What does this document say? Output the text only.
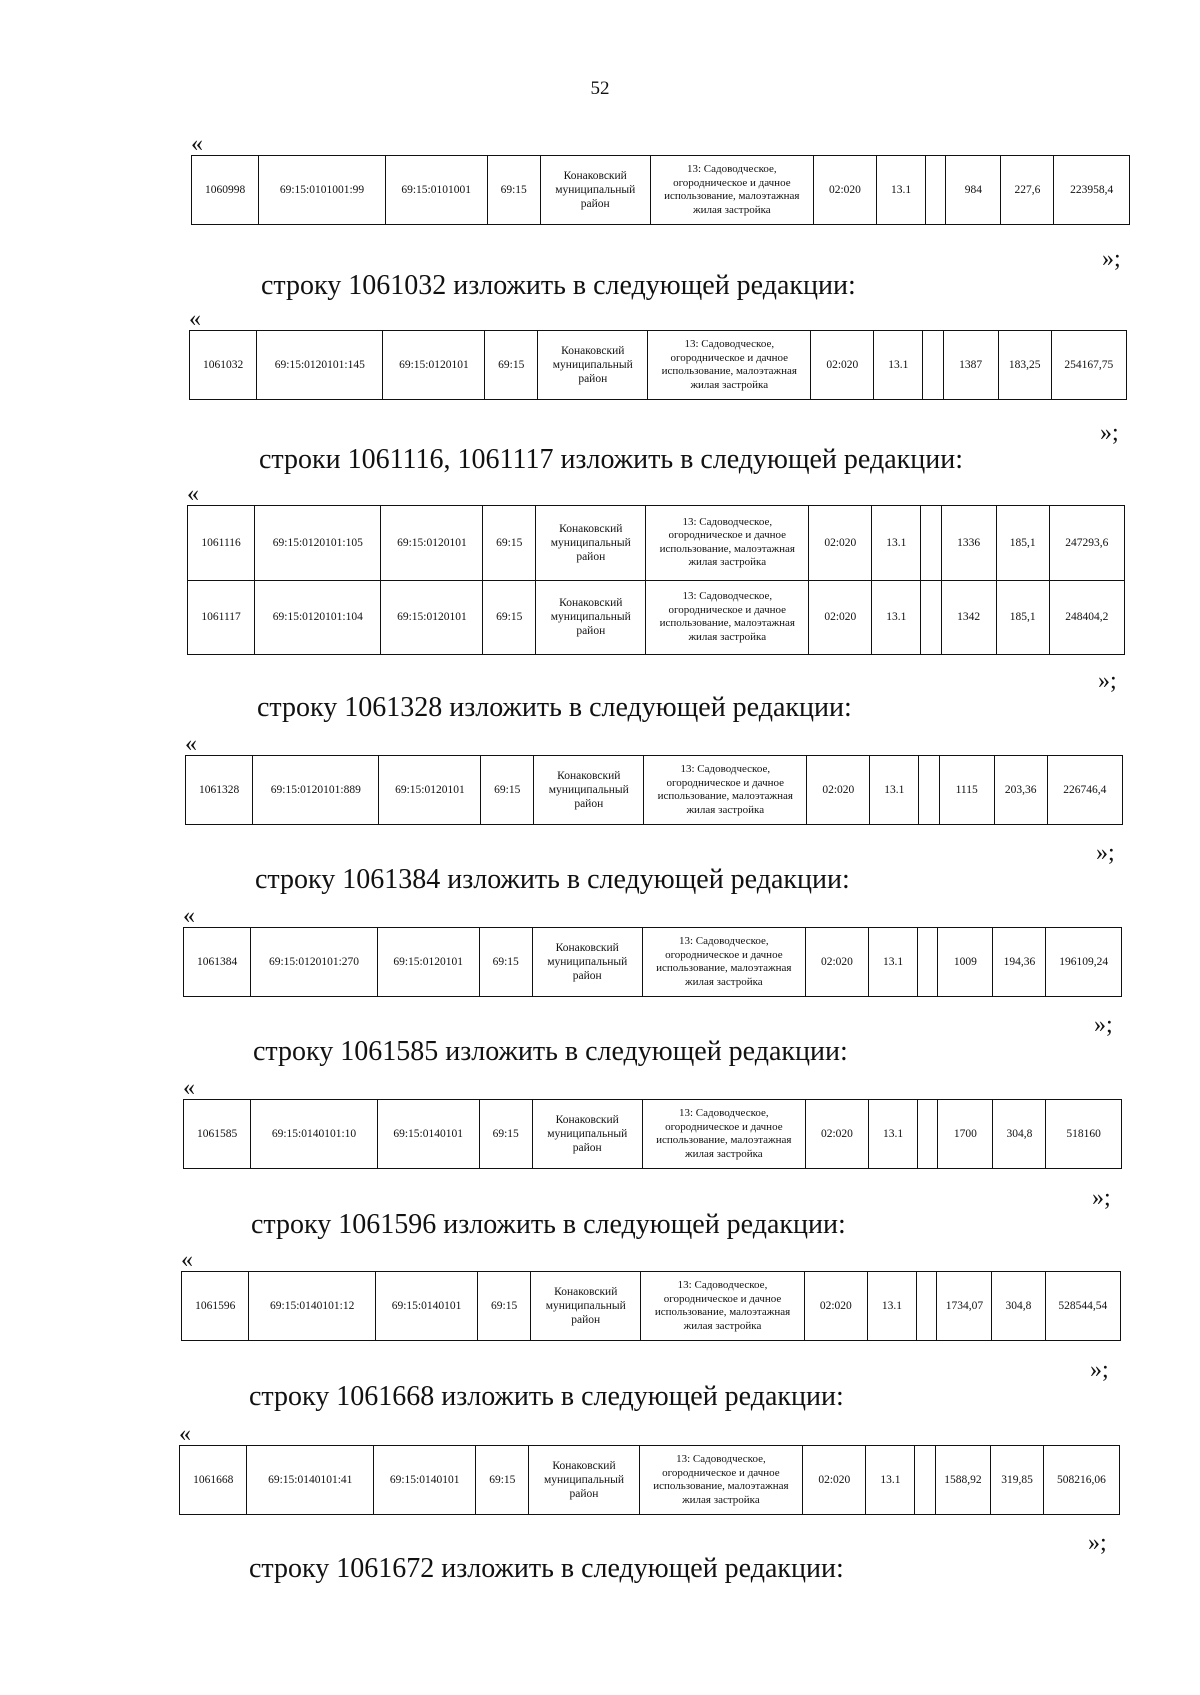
52
«
1060998	69:15:0101001:99	69:15:0101001	69:15	Конаковский муниципальный район	13: Садоводческое, огородническое и дачное использование, малоэтажная жилая застройка	02:020	13.1		984	227,6	223958,4
»;
«
1061032	69:15:0120101:145	69:15:0120101	69:15	Конаковский муниципальный район	13: Садоводческое, огородническое и дачное использование, малоэтажная жилая застройка	02:020	13.1		1387	183,25	254167,75
»;
«
1061116	69:15:0120101:105	69:15:0120101	69:15	Конаковский муниципальный район	13: Садоводческое, огородническое и дачное использование, малоэтажная жилая застройка	02:020	13.1		1336	185,1	247293,6
1061117	69:15:0120101:104	69:15:0120101	69:15	Конаковский муниципальный район	13: Садоводческое, огородническое и дачное использование, малоэтажная жилая застройка	02:020	13.1		1342	185,1	248404,2
»;
«
1061328	69:15:0120101:889	69:15:0120101	69:15	Конаковский муниципальный район	13: Садоводческое, огородническое и дачное использование, малоэтажная жилая застройка	02:020	13.1		1115	203,36	226746,4
»;
«
1061384	69:15:0120101:270	69:15:0120101	69:15	Конаковский муниципальный район	13: Садоводческое, огородническое и дачное использование, малоэтажная жилая застройка	02:020	13.1		1009	194,36	196109,24
»;
«
1061585	69:15:0140101:10	69:15:0140101	69:15	Конаковский муниципальный район	13: Садоводческое, огородническое и дачное использование, малоэтажная жилая застройка	02:020	13.1		1700	304,8	518160
»;
«
1061596	69:15:0140101:12	69:15:0140101	69:15	Конаковский муниципальный район	13: Садоводческое, огородническое и дачное использование, малоэтажная жилая застройка	02:020	13.1		1734,07	304,8	528544,54
»;
«
1061668	69:15:0140101:41	69:15:0140101	69:15	Конаковский муниципальный район	13: Садоводческое, огородническое и дачное использование, малоэтажная жилая застройка	02:020	13.1		1588,92	319,85	508216,06
»;
строку 1061032 изложить в следующей редакции:
строки 1061116, 1061117 изложить в следующей редакции:
строку 1061328 изложить в следующей редакции:
строку 1061384 изложить в следующей редакции:
строку 1061585 изложить в следующей редакции:
строку 1061596 изложить в следующей редакции:
строку 1061668 изложить в следующей редакции:
строку 1061672 изложить в следующей редакции:
